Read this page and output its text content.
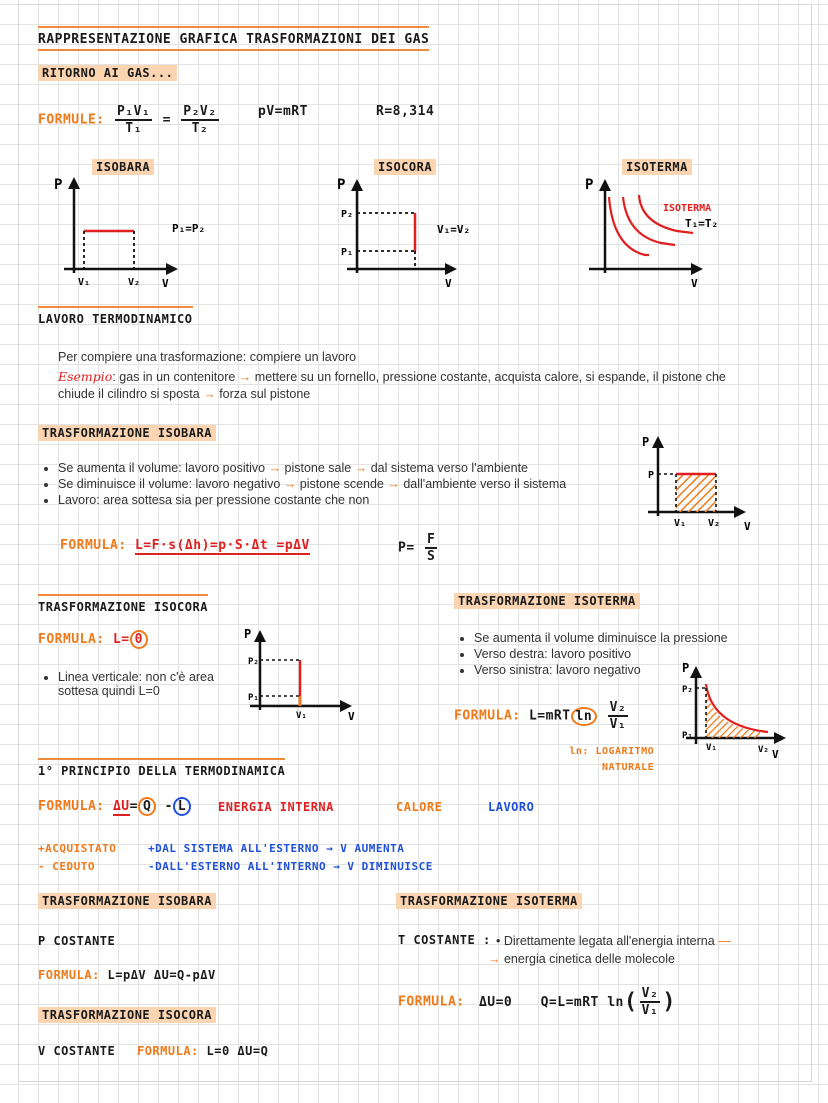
RAPPRESENTAZIONE GRAFICA TRASFORMAZIONI DEI GAS
RITORNO AI GAS...
FORMULE: $\frac{\text{P₁V₁}}{\text{T₁}} = \frac{\text{P₂V₂}}{\text{T₂}}$	pV=mRT	R=8,314
ISOBARA
P
V₁	V₂ V
P₁=P₂
ISOCORA
P
P₂
P₁
V
V₁=V₂
ISOTERMA
P
V
ISOTERMA
T₁=T₂
LAVORO TERMODINAMICO
Per compiere una trasformazione: compiere un lavoro
Esempio: gas in un contenitore → mettere su un fornello, pressione costante, acquista calore, si espande, il pistone che
chiude il cilindro si sposta → forza sul pistone
TRASFORMAZIONE ISOBARA
• Se aumenta il volume: lavoro positivo → pistone sale → dal sistema verso l'ambiente
• Se diminuisce il volume: lavoro negativo → pistone scende → dall'ambiente verso il sistema
• Lavoro: area sottesa sia per pressione costante che non
P
P
V₁ V₂ V
FORMULA: L=F·s(Δh)=p·S·Δt =pΔV	$P= \frac{F}{S}$
TRASFORMAZIONE ISOCORA
FORMULA: L= 0
• Linea verticale: non c'è area sottesa quindi L=0
P
P₂
P₁
V₁	V
TRASFORMAZIONE ISOTERMA
• Se aumenta il volume diminuisce la pressione
• Verso destra: lavoro positivo
• Verso sinistra: lavoro negativo
FORMULA: L=mRT $\ln \frac{\text{V₂}}{\text{V₁}}$
ln: LOGARITMO
NATURALE
P
P₂
P₁
V₁	V₂ V
1° PRINCIPIO DELLA TERMODINAMICA
FORMULA: ΔU= Q - L	ENERGIA INTERNA	CALORE	LAVORO
+ACQUISTATO
- CEDUTO
+DAL SISTEMA ALL'ESTERNO → V AUMENTA
-DALL'ESTERNO ALL'INTERNO → V DIMINUISCE
TRASFORMAZIONE ISOBARA
P COSTANTE
FORMULA: L=pΔV ΔU=Q-pΔV
TRASFORMAZIONE ISOCORA
V COSTANTE FORMULA: L=0 ΔU=Q
TRASFORMAZIONE ISOTERMA
T COSTANTE : • Direttamente legata all'energia interna —
→ energia cinetica delle molecole
FORMULA: ΔU=0 Q=L=mRT $\ln( \frac{\text{V₂}}{\text{V₁}}$ )
